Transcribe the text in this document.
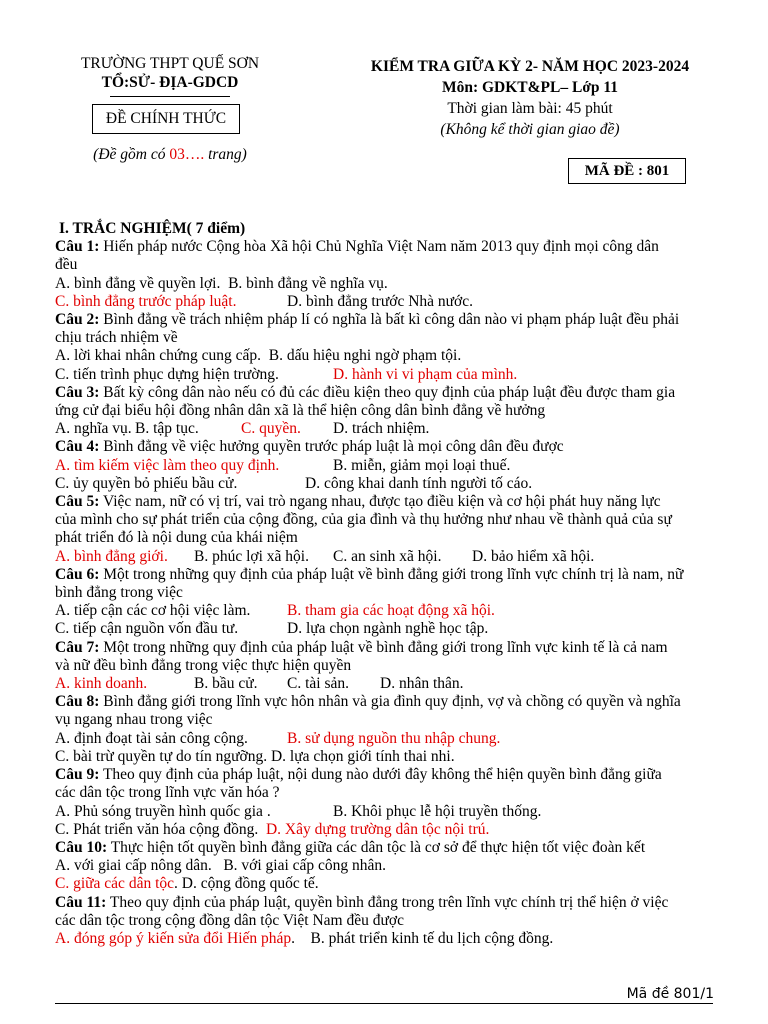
TRƯỜNG THPT QUẾ SƠN
TỔ:SỬ- ĐỊA-GDCD
ĐỀ CHÍNH THỨC
(Đề gồm có 03…. trang)
KIỂM TRA GIỮA KỲ 2- NĂM HỌC 2023-2024
Môn: GDKT&PL– Lớp 11
Thời gian làm bài: 45 phút
(Không kể thời gian giao đề)
MÃ ĐỀ : 801

I. TRẮC NGHIỆM( 7 điểm)

Câu 1: Hiến pháp nước Cộng hòa Xã hội Chủ Nghĩa Việt Nam năm 2013 quy định mọi công dân đều

A. bình đẳng về quyền lợi. B. bình đẳng về nghĩa vụ.

C. bình đẳng trước pháp luật.	D. bình đẳng trước Nhà nước.

Câu 2: Bình đẳng về trách nhiệm pháp lí có nghĩa là bất kì công dân nào vi phạm pháp luật đều phải chịu trách nhiệm về

A. lời khai nhân chứng cung cấp. B. dấu hiệu nghi ngờ phạm tội.

C. tiến trình phục dựng hiện trường.	D. hành vi vi phạm của mình.

Câu 3: Bất kỳ công dân nào nếu có đủ các điều kiện theo quy định của pháp luật đều được tham gia ứng cử đại biểu hội đồng nhân dân xã là thể hiện công dân bình đẳng về hưởng

A. nghĩa vụ. B. tập tục.	C. quyền. D. trách nhiệm.

Câu 4: Bình đẳng về việc hưởng quyền trước pháp luật là mọi công dân đều được

A. tìm kiếm việc làm theo quy định.	B. miễn, giảm mọi loại thuế.

C. ủy quyền bỏ phiếu bầu cử.	D. công khai danh tính người tố cáo.

Câu 5: Việc nam, nữ có vị trí, vai trò ngang nhau, được tạo điều kiện và cơ hội phát huy năng lực của mình cho sự phát triển của cộng đồng, của gia đình và thụ hưởng như nhau về thành quả của sự phát triển đó là nội dung của khái niệm

A. bình đẳng giới. B. phúc lợi xã hội. C. an sinh xã hội. D. bảo hiểm xã hội.

Câu 6: Một trong những quy định của pháp luật về bình đẳng giới trong lĩnh vực chính trị là nam, nữ bình đẳng trong việc

A. tiếp cận các cơ hội việc làm. B. tham gia các hoạt động xã hội.

C. tiếp cận nguồn vốn đầu tư.	D. lựa chọn ngành nghề học tập.

Câu 7: Một trong những quy định của pháp luật về bình đẳng giới trong lĩnh vực kinh tế là cả nam và nữ đều bình đẳng trong việc thực hiện quyền

A. kinh doanh.	B. bầu cử. C. tài sản. D. nhân thân.

Câu 8: Bình đẳng giới trong lĩnh vực hôn nhân và gia đình quy định, vợ và chồng có quyền và nghĩa vụ ngang nhau trong việc

A. định đoạt tài sản công cộng.	B. sử dụng nguồn thu nhập chung.

C. bài trừ quyền tự do tín ngưỡng. D. lựa chọn giới tính thai nhi.

Câu 9: Theo quy định của pháp luật, nội dung nào dưới đây không thể hiện quyền bình đẳng giữa các dân tộc trong lĩnh vực văn hóa ?

A. Phủ sóng truyền hình quốc gia .	B. Khôi phục lễ hội truyền thống.

C. Phát triển văn hóa cộng đồng. D. Xây dựng trường dân tộc nội trú.

Câu 10: Thực hiện tốt quyền bình đẳng giữa các dân tộc là cơ sở để thực hiện tốt việc đoàn kết

A. với giai cấp nông dân. B. với giai cấp công nhân.

C. giữa các dân tộc. D. cộng đồng quốc tế.

Câu 11: Theo quy định của pháp luật, quyền bình đẳng trong trên lĩnh vực chính trị thể hiện ở việc các dân tộc trong cộng đồng dân tộc Việt Nam đều được

A. đóng góp ý kiến sửa đổi Hiến pháp.    B. phát triển kinh tế du lịch cộng đồng.

Mã đề 801/1
